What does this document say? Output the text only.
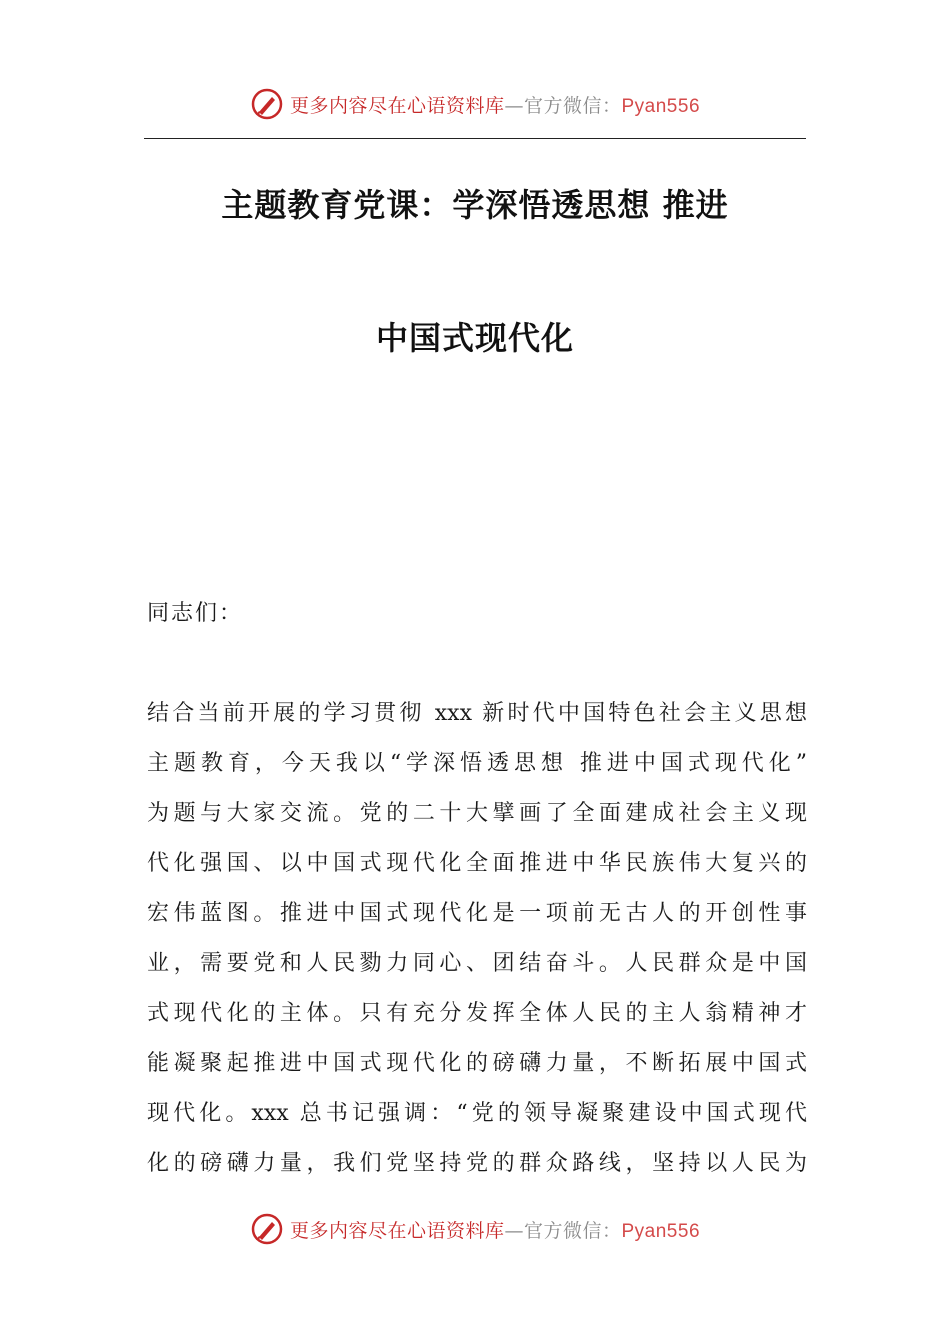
更多内容尽在心语资料库—官方微信：Pyan556
主题教育党课：学深悟透思想 推进
中国式现代化
同志们：
结合当前开展的学习贯彻 xxx 新时代中国特色社会主义思想
主题教育，今天我以“学深悟透思想 推进中国式现代化”
为题与大家交流。党的二十大擘画了全面建成社会主义现
代化强国、以中国式现代化全面推进中华民族伟大复兴的
宏伟蓝图。推进中国式现代化是一项前无古人的开创性事
业，需要党和人民勠力同心、团结奋斗。人民群众是中国
式现代化的主体。只有充分发挥全体人民的主人翁精神才
能凝聚起推进中国式现代化的磅礴力量，不断拓展中国式
现代化。xxx 总书记强调：“党的领导凝聚建设中国式现代
化的磅礴力量，我们党坚持党的群众路线，坚持以人民为
更多内容尽在心语资料库—官方微信：Pyan556
